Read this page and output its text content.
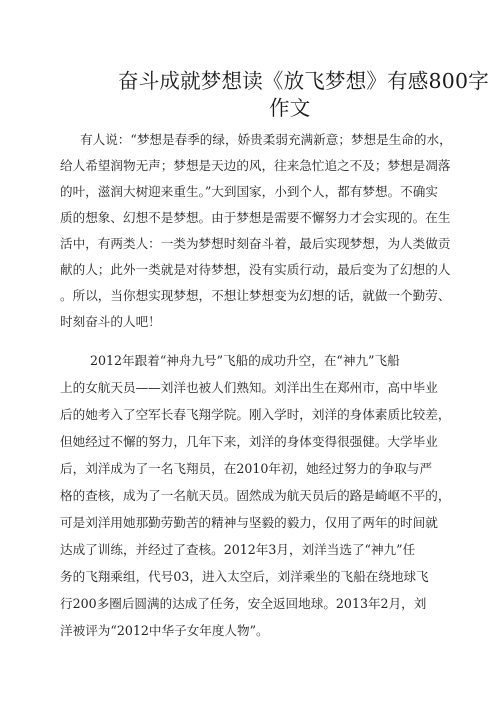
奋斗成就梦想读《放飞梦想》有感800字
作文
有人说：“梦想是春季的绿，娇贵柔弱充满新意；梦想是生命的水，
给人希望润物无声；梦想是天边的风，往来急忙追之不及；梦想是凋落
的叶，滋润大树迎来重生。”大到国家，小到个人，都有梦想。不确实
质的想象、幻想不是梦想。由于梦想是需要不懈努力才会实现的。在生
活中，有两类人：一类为梦想时刻奋斗着，最后实现梦想，为人类做贡
献的人；此外一类就是对待梦想，没有实质行动，最后变为了幻想的人
。所以，当你想实现梦想，不想让梦想变为幻想的话，就做一个勤劳、
时刻奋斗的人吧！
2012年跟着“神舟九号”飞船的成功升空，在“神九”飞船
上的女航天员——刘洋也被人们熟知。刘洋出生在郑州市，高中毕业
后的她考入了空军长春飞翔学院。刚入学时，刘洋的身体素质比较差，
但她经过不懈的努力，几年下来，刘洋的身体变得很强健。大学毕业
后，刘洋成为了一名飞翔员，在2010年初，她经过努力的争取与严
格的查核，成为了一名航天员。固然成为航天员后的路是崎岖不平的，
可是刘洋用她那勤劳勤苦的精神与坚毅的毅力，仅用了两年的时间就
达成了训练，并经过了查核。2012年3月，刘洋当选了“神九”任
务的飞翔乘组，代号03，进入太空后，刘洋乘坐的飞船在绕地球飞
行200多圈后圆满的达成了任务，安全返回地球。2013年2月，刘
洋被评为“2012中华子女年度人物”。
